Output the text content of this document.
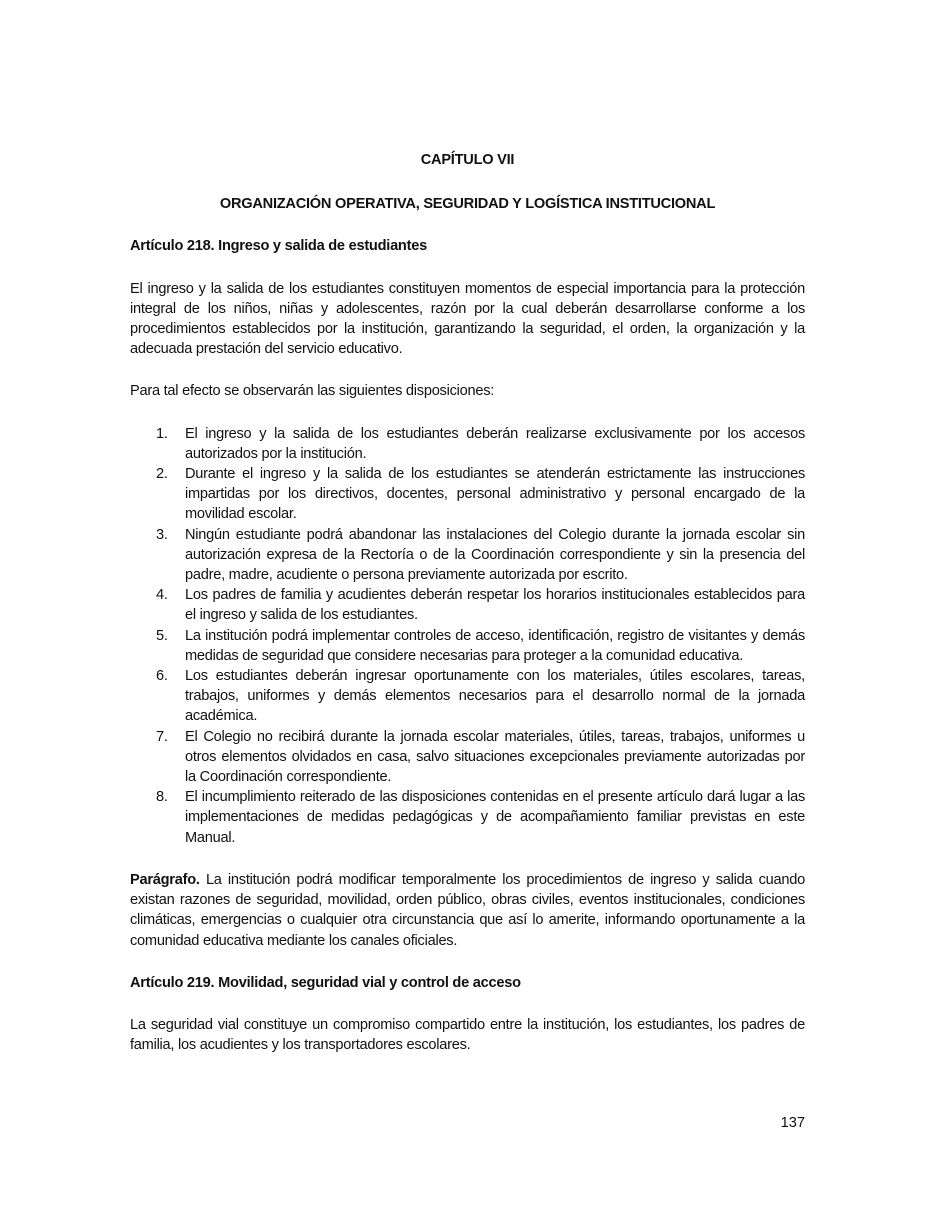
CAPÍTULO VII
ORGANIZACIÓN OPERATIVA, SEGURIDAD Y LOGÍSTICA INSTITUCIONAL
Artículo 218. Ingreso y salida de estudiantes

El ingreso y la salida de los estudiantes constituyen momentos de especial importancia para la protección integral de los niños, niñas y adolescentes, razón por la cual deberán desarrollarse conforme a los procedimientos establecidos por la institución, garantizando la seguridad, el orden, la organización y la adecuada prestación del servicio educativo.

Para tal efecto se observarán las siguientes disposiciones:

1. El ingreso y la salida de los estudiantes deberán realizarse exclusivamente por los accesos autorizados por la institución.
2. Durante el ingreso y la salida de los estudiantes se atenderán estrictamente las instrucciones impartidas por los directivos, docentes, personal administrativo y personal encargado de la movilidad escolar.
3. Ningún estudiante podrá abandonar las instalaciones del Colegio durante la jornada escolar sin autorización expresa de la Rectoría o de la Coordinación correspondiente y sin la presencia del padre, madre, acudiente o persona previamente autorizada por escrito.
4. Los padres de familia y acudientes deberán respetar los horarios institucionales establecidos para el ingreso y salida de los estudiantes.
5. La institución podrá implementar controles de acceso, identificación, registro de visitantes y demás medidas de seguridad que considere necesarias para proteger a la comunidad educativa.
6. Los estudiantes deberán ingresar oportunamente con los materiales, útiles escolares, tareas, trabajos, uniformes y demás elementos necesarios para el desarrollo normal de la jornada académica.
7. El Colegio no recibirá durante la jornada escolar materiales, útiles, tareas, trabajos, uniformes u otros elementos olvidados en casa, salvo situaciones excepcionales previamente autorizadas por la Coordinación correspondiente.
8. El incumplimiento reiterado de las disposiciones contenidas en el presente artículo dará lugar a las implementaciones de medidas pedagógicas y de acompañamiento familiar previstas en este Manual.

Parágrafo. La institución podrá modificar temporalmente los procedimientos de ingreso y salida cuando existan razones de seguridad, movilidad, orden público, obras civiles, eventos institucionales, condiciones climáticas, emergencias o cualquier otra circunstancia que así lo amerite, informando oportunamente a la comunidad educativa mediante los canales oficiales.

Artículo 219. Movilidad, seguridad vial y control de acceso

La seguridad vial constituye un compromiso compartido entre la institución, los estudiantes, los padres de familia, los acudientes y los transportadores escolares.

137
